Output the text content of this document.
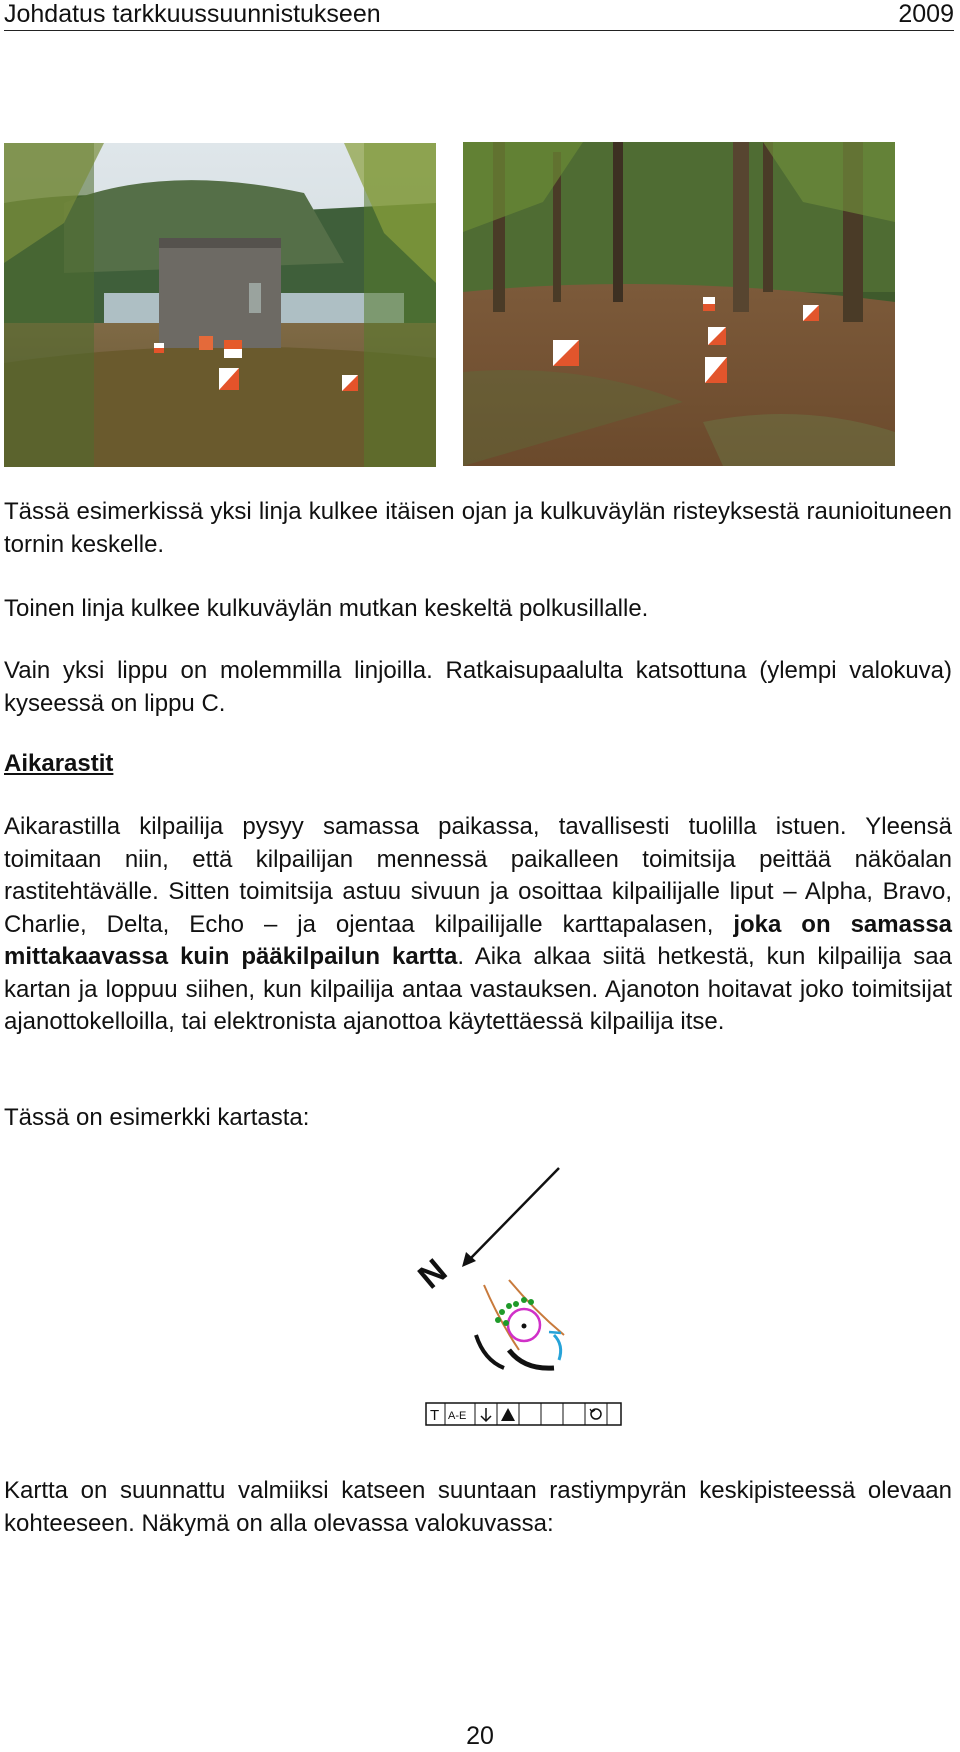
Johdatus tarkkuussuunnistukseen	2009

Tässä esimerkissä yksi linja kulkee itäisen ojan ja kulkuväylän risteyksestä raunioituneen tornin keskelle.

Toinen linja kulkee kulkuväylän mutkan keskeltä polkusillalle.

Vain yksi lippu on molemmilla linjoilla. Ratkaisupaalulta katsottuna (ylempi valokuva) kyseessä on lippu C.

Aikarastit

Aikarastilla kilpailija pysyy samassa paikassa, tavallisesti tuolilla istuen. Yleensä toimitaan niin, että kilpailijan mennessä paikalleen toimitsija peittää näköalan rastitehtävälle. Sitten toimitsija astuu sivuun ja osoittaa kilpailijalle liput – Alpha, Bravo, Charlie, Delta, Echo – ja ojentaa kilpailijalle karttapalasen, joka on samassa mittakaavassa kuin pääkilpailun kartta. Aika alkaa siitä hetkestä, kun kilpailija saa kartan ja loppuu siihen, kun kilpailija antaa vastauksen. Ajanoton hoitavat joko toimitsijat ajanottokelloilla, tai elektronista ajanottoa käytettäessä kilpailija itse.

Tässä on esimerkki kartasta:

N
T A-E

Kartta on suunnattu valmiiksi katseen suuntaan rastiympyrän keskipisteessä olevaan kohteeseen. Näkymä on alla olevassa valokuvassa:

20
